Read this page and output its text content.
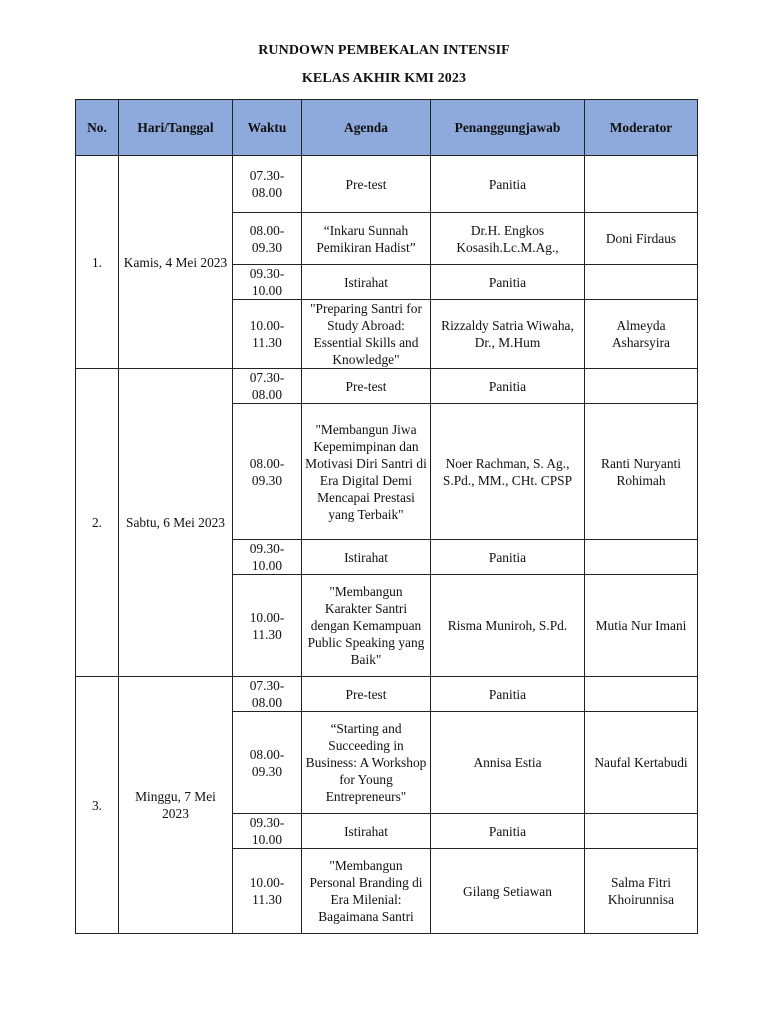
RUNDOWN PEMBEKALAN INTENSIF
KELAS AKHIR KMI 2023
No.	Hari/Tanggal	Waktu	Agenda	Penanggungjawab	Moderator
1.	Kamis, 4 Mei 2023	07.30-08.00	Pre-test	Panitia	
		08.00-09.30	“Inkaru Sunnah Pemikiran Hadist”	Dr.H. Engkos Kosasih.Lc.M.Ag.,	Doni Firdaus
		09.30-10.00	Istirahat	Panitia	
		10.00-11.30	"Preparing Santri for Study Abroad: Essential Skills and Knowledge"	Rizzaldy Satria Wiwaha, Dr., M.Hum	Almeyda Asharsyira
2.	Sabtu, 6 Mei 2023	07.30-08.00	Pre-test	Panitia	
		08.00-09.30	"Membangun Jiwa Kepemimpinan dan Motivasi Diri Santri di Era Digital Demi Mencapai Prestasi yang Terbaik"	Noer Rachman, S. Ag., S.Pd., MM., CHt. CPSP	Ranti Nuryanti Rohimah
		09.30-10.00	Istirahat	Panitia	
		10.00-11.30	"Membangun Karakter Santri dengan Kemampuan Public Speaking yang Baik"	Risma Muniroh, S.Pd.	Mutia Nur Imani
3.	Minggu, 7 Mei 2023	07.30-08.00	Pre-test	Panitia	
		08.00-09.30	“Starting and Succeeding in Business: A Workshop for Young Entrepreneurs"	Annisa Estia	Naufal Kertabudi
		09.30-10.00	Istirahat	Panitia	
		10.00-11.30	"Membangun Personal Branding di Era Milenial: Bagaimana Santri	Gilang Setiawan	Salma Fitri Khoirunnisa
